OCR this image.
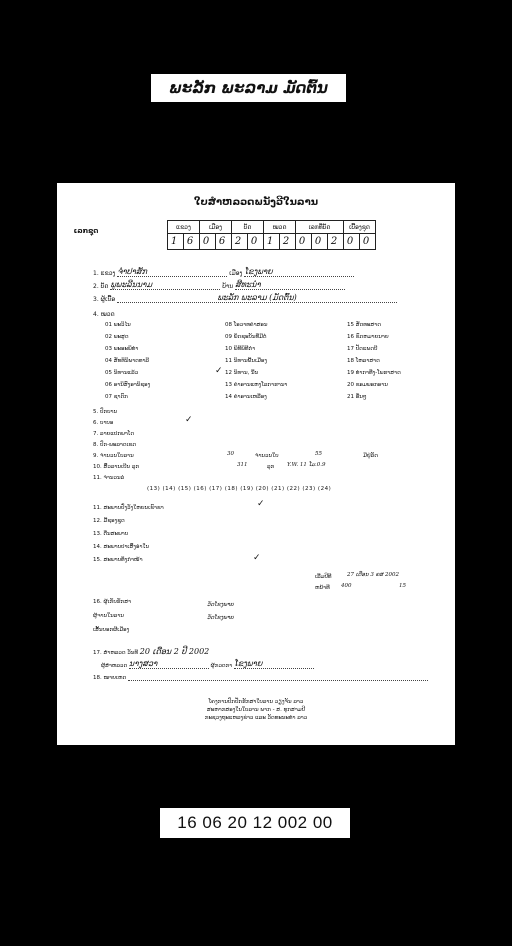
ພະລັກ ພະລາມ ມັດຕົ້ນ
ໃບສໍາຫລວດພນັງວີໃນລານ
ເລກຊຸດ	ແຂວງ		ເມືອງ		ບັດ		ໝວດ		ເລກທີ່ບັດ			ເບື້ອງຊຸດ	
1	6	0	6	2	0	1	2	0	0	2	0	0
1. ແຂວງ ຈໍາປາສັກ	ເມືອງ ໂຂງພາຍ
2. ບັດ ພູພະລີນນາມ	ບ້ານ ສີທະນໍາ
3. ຜູ້ເນື້ອ	ພະລັກ ພະລາມ (ມັດຕົ້ນ)
4. ໝວດ
01 ພະວິໄນ
02 ພະສູດ
03 ພະອະພິທໍາ
04 ສັທທິນິພາດທາລີ
05 ນິທານແລ້ວ
06 ອານິສົງອານິຊອງ
07 ຊາດົກ
08 ໂອວາທຄໍາສອນ
09 ພຶດຊະບັນທີ່ມີຕໍ່
10 ພິທີພິທີກໍາ
11 ນິທານພື້ນເມືອງ
12 ນິທານ, ນິ້ນ
✓
13 ຄໍາອານແຫງໂລກາຮານາ
14 ຄໍາອານເຫລືອງ
15 ສັດທະສາດ
16 ຂົດຫມາຍນາຍ
17 ປັດແພດບີ
18 ໂຫລາສາດ
19 ທໍາກາທີ່ງ-ໂພຮາສາດ
20 ຂອມພອກອານ
21 ອື່ນໆ
5. ປົກບານ
6. ບາບອ	✓
7. ລາຍແປກພາໂດ
8. ປົກ-ພະລາດເຂດ
9. ຈໍານວນໃບລານ	30	ຈໍານວນໃບ	55	ມີຢູ່ລັດ
10. ສົ້ວລານເບີນ ລຸກ	311	ລຸກ Y.W. 11 ໂມ.0.9
11. ຈໍານວນລໍ
(13) (14) (15) (16) (17) (18) (19) (20) (21) (22) (23) (24)
11. ສະພາບປ່ົງວັງໃຫຍນເຂົາຂາ	✓
12. ມື້ຊອງຊູດ
13. ຕື່ນສະພາບ
14. ສະພາບປາເສົ້ງອໍາໃນ
15. ສະພາບທຶງກໍາໜ້າ	✓
ເລີ້ມປີທີ	27 ເດືອນ 3 ຄສ 2002
ຫນ້າທີ 400	15
16. ຜູ້ເກັບຮັກສາ	ວັດໂຂງພາຍ
ຜູ້ຈານໃນລານ	ວັດໂຂງພາຍ
ເສັ້ນບອກຜີເມືອງ
17. ສໍາຫລວດ ວັນທີ 20 ເດືອນ 2 ປີ 2002
ຜູ້ສໍາຫລວດ ນາງສວາ	ຜູ້ກວດກາ ໂຂງພາຍ
18. ໝາຍເຫດ
ໂຄງການປົກປັກຮັກສາໃບລານ ວຽງຈັນ ລາວ
ສະຫາກສອງໃນໃບລານ ພາກ - ສ. ທຸກສາມປີ
ກະຊວງຖະແຫລງຂ່າວ ແລະ ວັດທະນະທໍາ ລາວ
16 06 20 12 002 00
